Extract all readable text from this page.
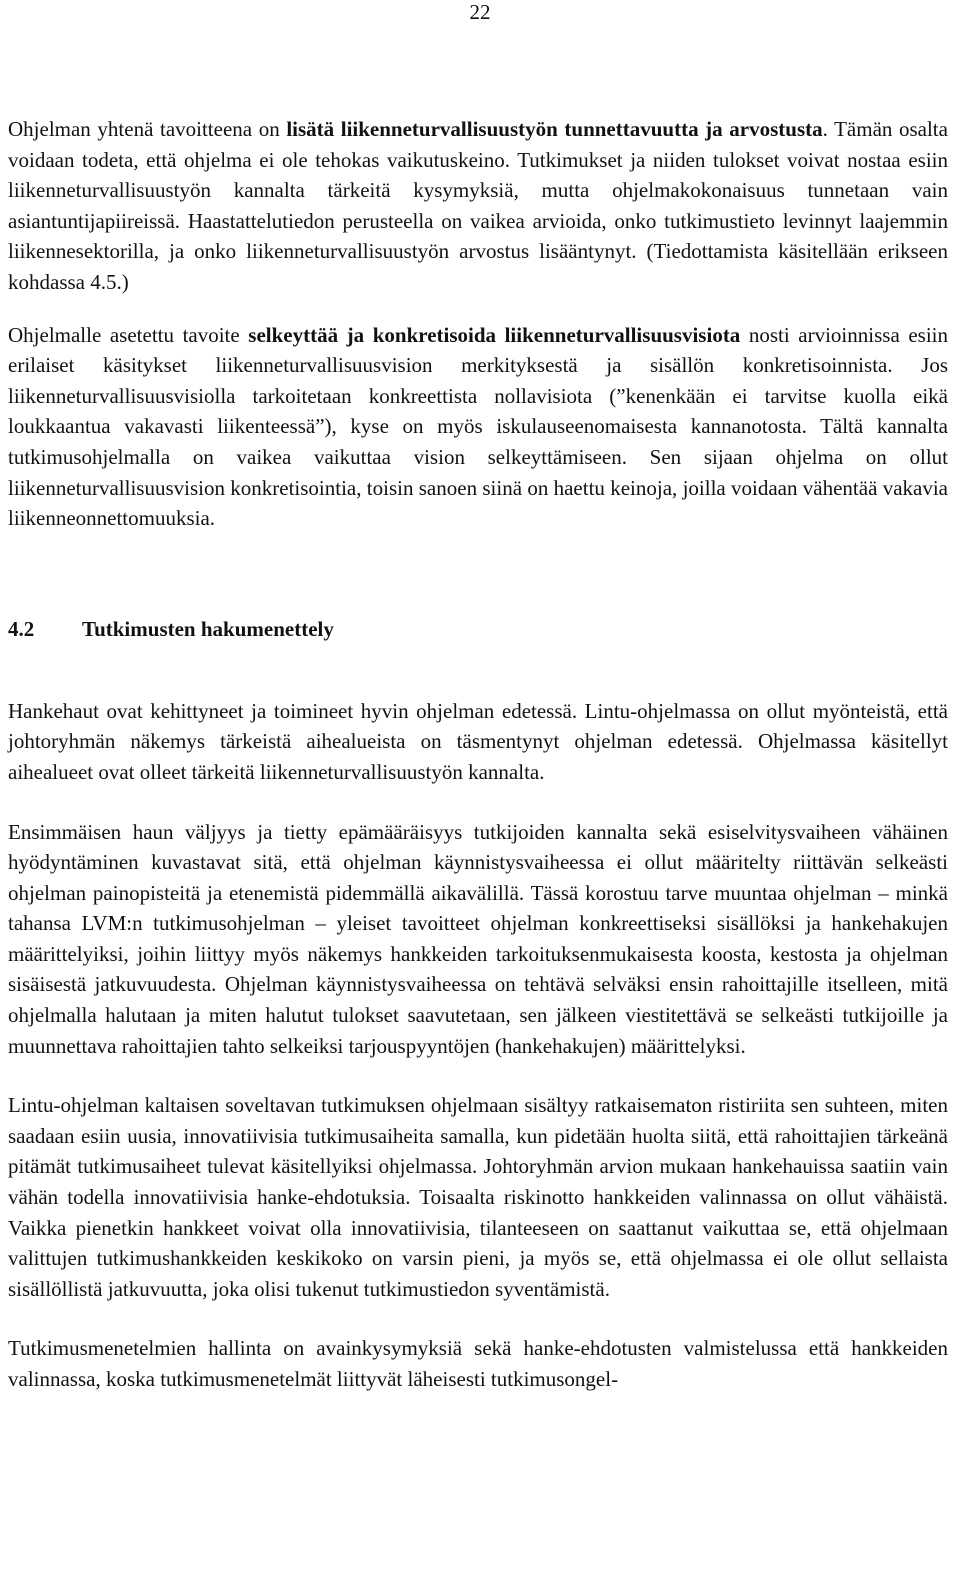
22

Ohjelman yhtenä tavoitteena on lisätä liikenneturvallisuustyön tunnettavuutta ja arvostusta. Tämän osalta voidaan todeta, että ohjelma ei ole tehokas vaikutuskeino. Tutkimukset ja niiden tulokset voivat nostaa esiin liikenneturvallisuustyön kannalta tärkeitä kysymyksiä, mutta ohjelmakokonaisuus tunnetaan vain asiantuntijapiireissä. Haastattelutiedon perusteella on vaikea arvioida, onko tutkimustieto levinnyt laajemmin liikennesektorilla, ja onko liikenneturvallisuustyön arvostus lisääntynyt. (Tiedottamista käsitellään erikseen kohdassa 4.5.)

Ohjelmalle asetettu tavoite selkeyttää ja konkretisoida liikenneturvallisuusvisiota nosti arvioinnissa esiin erilaiset käsitykset liikenneturvallisuusvision merkityksestä ja sisällön konkretisoinnista. Jos liikenneturvallisuusvisiolla tarkoitetaan konkreettista nollavisiota (”kenenkään ei tarvitse kuolla eikä loukkaantua vakavasti liikenteessä”), kyse on myös iskulauseenomaisesta kannanotosta. Tältä kannalta tutkimusohjelmalla on vaikea vaikuttaa vision selkeyttämiseen. Sen sijaan ohjelma on ollut liikenneturvallisuusvision konkretisointia, toisin sanoen siinä on haettu keinoja, joilla voidaan vähentää vakavia liikenneonnettomuuksia.

4.2 Tutkimusten hakumenettely

Hankehaut ovat kehittyneet ja toimineet hyvin ohjelman edetessä. Lintu-ohjelmassa on ollut myönteistä, että johtoryhmän näkemys tärkeistä aihealueista on täsmentynyt ohjelman edetessä. Ohjelmassa käsitellyt aihealueet ovat olleet tärkeitä liikenneturvallisuustyön kannalta.

Ensimmäisen haun väljyys ja tietty epämääräisyys tutkijoiden kannalta sekä esiselvitysvaiheen vähäinen hyödyntäminen kuvastavat sitä, että ohjelman käynnistysvaiheessa ei ollut määritelty riittävän selkeästi ohjelman painopisteitä ja etenemistä pidemmällä aikavälillä. Tässä korostuu tarve muuntaa ohjelman – minkä tahansa LVM:n tutkimusohjelman – yleiset tavoitteet ohjelman konkreettiseksi sisällöksi ja hankehakujen määrittelyiksi, joihin liittyy myös näkemys hankkeiden tarkoituksenmukaisesta koosta, kestosta ja ohjelman sisäisestä jatkuvuudesta. Ohjelman käynnistysvaiheessa on tehtävä selväksi ensin rahoittajille itselleen, mitä ohjelmalla halutaan ja miten halutut tulokset saavutetaan, sen jälkeen viestitettävä se selkeästi tutkijoille ja muunnettava rahoittajien tahto selkeiksi tarjouspyyntöjen (hankehakujen) määrittelyksi.

Lintu-ohjelman kaltaisen soveltavan tutkimuksen ohjelmaan sisältyy ratkaisematon ristiriita sen suhteen, miten saadaan esiin uusia, innovatiivisia tutkimusaiheita samalla, kun pidetään huolta siitä, että rahoittajien tärkeänä pitämät tutkimusaiheet tulevat käsitellyiksi ohjelmassa. Johtoryhmän arvion mukaan hankehauissa saatiin vain vähän todella innovatiivisia hanke-ehdotuksia. Toisaalta riskinotto hankkeiden valinnassa on ollut vähäistä. Vaikka pienetkin hankkeet voivat olla innovatiivisia, tilanteeseen on saattanut vaikuttaa se, että ohjelmaan valittujen tutkimushankkeiden keskikoko on varsin pieni, ja myös se, että ohjelmassa ei ole ollut sellaista sisällöllistä jatkuvuutta, joka olisi tukenut tutkimustiedon syventämistä.

Tutkimusmenetelmien hallinta on avainkysymyksiä sekä hanke-ehdotusten valmistelussa että hankkeiden valinnassa, koska tutkimusmenetelmät liittyvät läheisesti tutkimusongel-
